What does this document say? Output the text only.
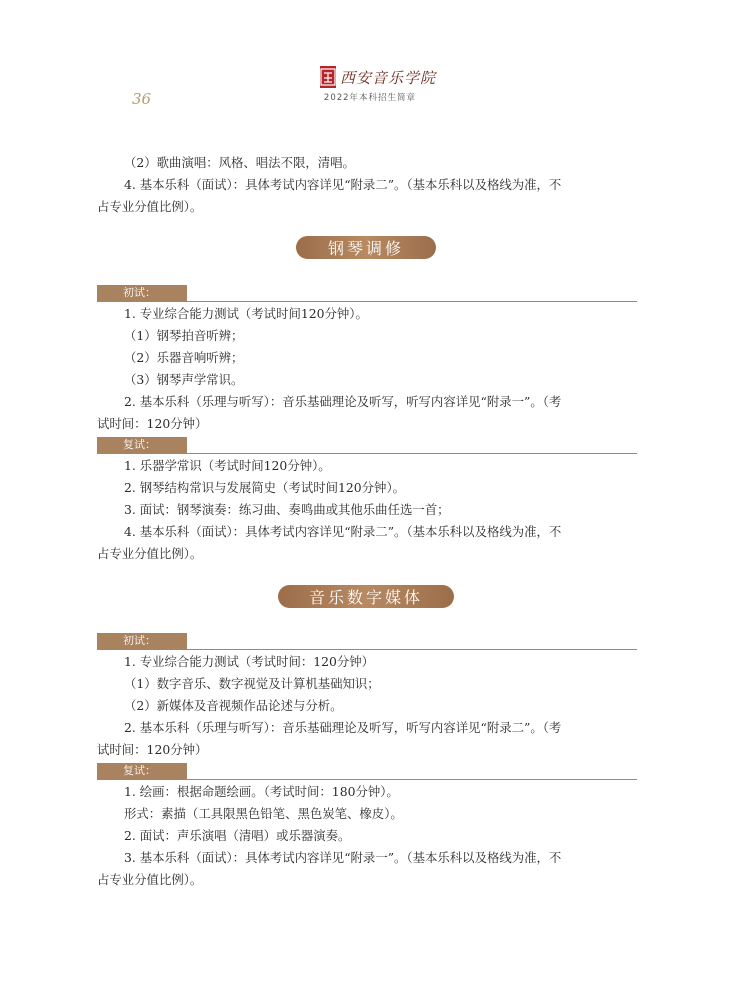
西安音乐学院
2022年本科招生简章
36
（2）歌曲演唱：风格、唱法不限，清唱。
4. 基本乐科（面试）：具体考试内容详见“附录二”。（基本乐科以及格线为准，不
占专业分值比例）。
钢琴调修
初试：
1. 专业综合能力测试（考试时间120分钟）。
（1）钢琴拍音听辨；
（2）乐器音响听辨；
（3）钢琴声学常识。
2. 基本乐科（乐理与听写）：音乐基础理论及听写，听写内容详见“附录一”。（考
试时间：120分钟）
复试：
1. 乐器学常识（考试时间120分钟）。
2. 钢琴结构常识与发展简史（考试时间120分钟）。
3. 面试：钢琴演奏：练习曲、奏鸣曲或其他乐曲任选一首；
4. 基本乐科（面试）：具体考试内容详见“附录二”。（基本乐科以及格线为准，不
占专业分值比例）。
音乐数字媒体
初试：
1. 专业综合能力测试（考试时间：120分钟）
（1）数字音乐、数字视觉及计算机基础知识；
（2）新媒体及音视频作品论述与分析。
2. 基本乐科（乐理与听写）：音乐基础理论及听写，听写内容详见“附录二”。（考
试时间：120分钟）
复试：
1. 绘画：根据命题绘画。（考试时间：180分钟）。
形式：素描（工具限黑色铅笔、黑色炭笔、橡皮）。
2. 面试：声乐演唱（清唱）或乐器演奏。
3. 基本乐科（面试）：具体考试内容详见“附录一”。（基本乐科以及格线为准，不
占专业分值比例）。
